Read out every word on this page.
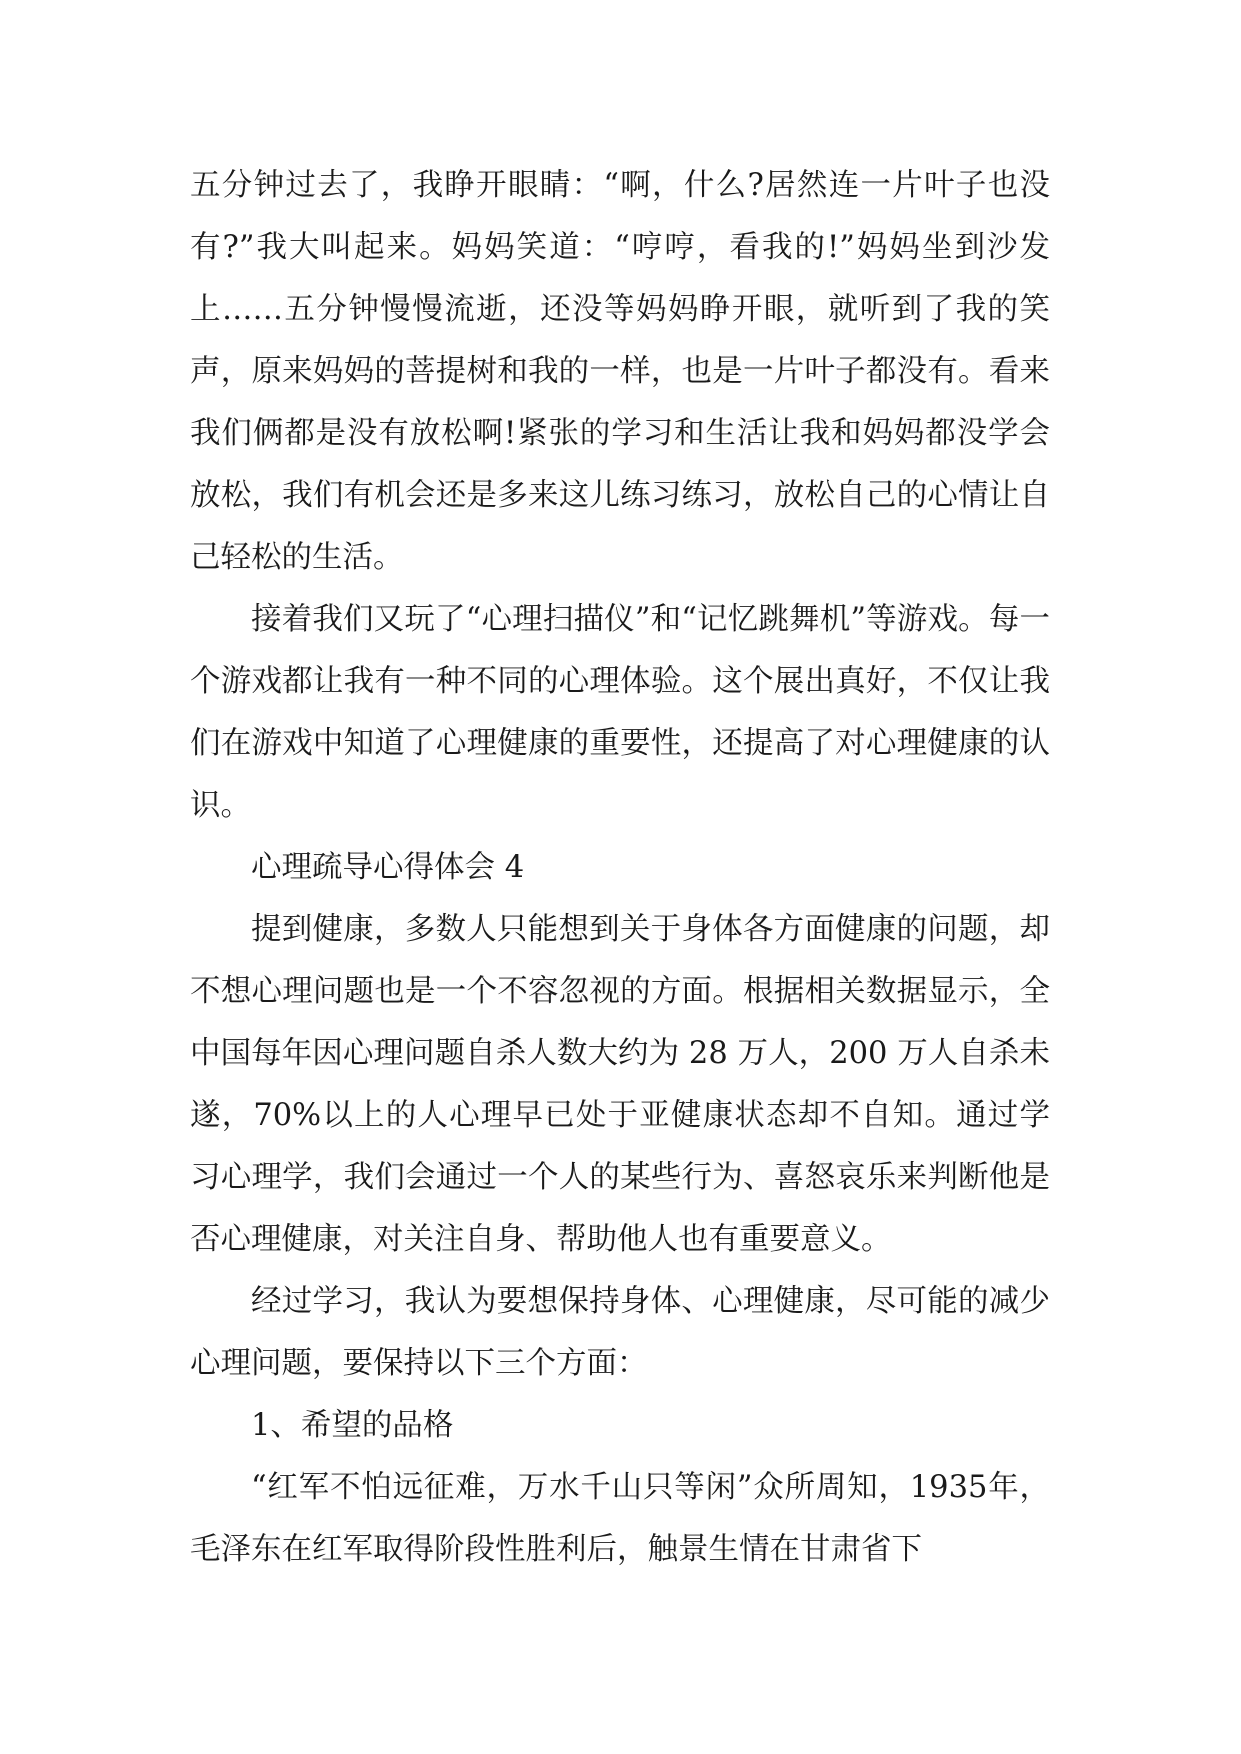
五分钟过去了，我睁开眼睛：“啊，什么?居然连一片叶子也没有?”我大叫起来。妈妈笑道：“哼哼，看我的!”妈妈坐到沙发上……五分钟慢慢流逝，还没等妈妈睁开眼，就听到了我的笑声，原来妈妈的菩提树和我的一样，也是一片叶子都没有。看来我们俩都是没有放松啊!紧张的学习和生活让我和妈妈都没学会放松，我们有机会还是多来这儿练习练习，放松自己的心情让自己轻松的生活。

接着我们又玩了“心理扫描仪”和“记忆跳舞机”等游戏。每一个游戏都让我有一种不同的心理体验。这个展出真好，不仅让我们在游戏中知道了心理健康的重要性，还提高了对心理健康的认识。

心理疏导心得体会 4

提到健康，多数人只能想到关于身体各方面健康的问题，却不想心理问题也是一个不容忽视的方面。根据相关数据显示，全中国每年因心理问题自杀人数大约为 28 万人，200 万人自杀未遂，70%以上的人心理早已处于亚健康状态却不自知。通过学习心理学，我们会通过一个人的某些行为、喜怒哀乐来判断他是否心理健康，对关注自身、帮助他人也有重要意义。

经过学习，我认为要想保持身体、心理健康，尽可能的减少心理问题，要保持以下三个方面：

1、希望的品格

“红军不怕远征难，万水千山只等闲”众所周知，1935年，毛泽东在红军取得阶段性胜利后，触景生情在甘肃省下
